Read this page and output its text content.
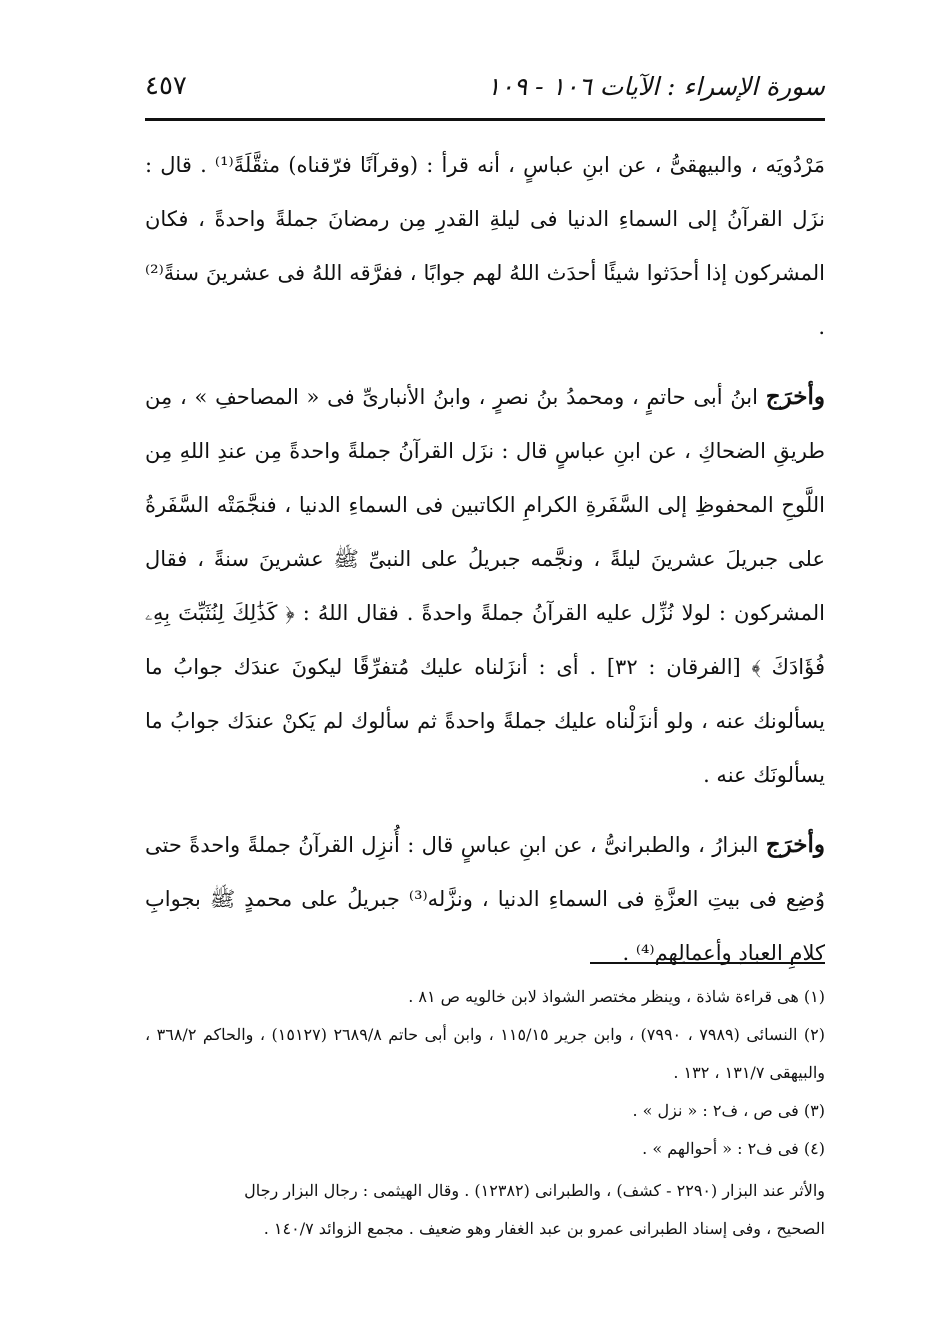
سورة الإسراء : الآيات ١٠٦ - ١٠٩
٤٥٧

مَرْدُويَه ، والبيهقىُّ ، عن ابنِ عباسٍ ، أنه قرأ : (وقرآنًا فرّقناه) مثقَّلَةً⁽¹⁾ . قال : نزَل القرآنُ إلى السماءِ الدنيا فى ليلةِ القدرِ مِن رمضانَ جملةً واحدةً ، فكان المشركون إذا أحدَثوا شيئًا أحدَث اللهُ لهم جوابًا ، ففرَّقه اللهُ فى عشرينَ سنةً⁽²⁾ .

وأخرَج ابنُ أبى حاتمٍ ، ومحمدُ بنُ نصرٍ ، وابنُ الأنبارىِّ فى « المصاحفِ » ، مِن طريقِ الضحاكِ ، عن ابنِ عباسٍ قال : نزَل القرآنُ جملةً واحدةً مِن عندِ اللهِ مِن اللَّوحِ المحفوظِ إلى السَّفَرةِ الكرامِ الكاتبين فى السماءِ الدنيا ، فنجَّمَتْه السَّفَرةُ على جبريلَ عشرينَ ليلةً ، ونجَّمه جبريلُ على النبىِّ ﷺ عشرينَ سنةً ، فقال المشركون : لولا نُزِّل عليه القرآنُ جملةً واحدةً . فقال اللهُ : ﴿ كَذَٰلِكَ لِنُثَبِّتَ بِهِۦ فُؤَادَكَ ﴾ [الفرقان : ٣٢] . أى : أنزَلناه عليك مُتفرِّقًا ليكونَ عندَك جوابُ ما يسألونك عنه ، ولو أنزَلْناه عليك جملةً واحدةً ثم سألوك لم يَكنْ عندَك جوابُ ما يسألونَك عنه .

وأخرَج البزارُ ، والطبرانىُّ ، عن ابنِ عباسٍ قال : أُنزِل القرآنُ جملةً واحدةً حتى وُضِع فى بيتِ العزَّةِ فى السماءِ الدنيا ، ونزَّله⁽³⁾ جبريلُ على محمدٍ ﷺ بجوابِ كلامِ العبادِ وأعمالِهم⁽⁴⁾ .

(١) هى قراءة شاذة ، وينظر مختصر الشواذ لابن خالويه ص ٨١ .

(٢) النسائى (٧٩٨٩ ، ٧٩٩٠) ، وابن جرير ١١٥/١٥ ، وابن أبى حاتم ٢٦٨٩/٨ (١٥١٢٧) ، والحاكم ٣٦٨/٢ ، والبيهقى ١٣١/٧ ، ١٣٢ .

(٣) فى ص ، ف٢ : « نزل » .

(٤) فى ف٢ : « أحوالهم » .

والأثر عند البزار (٢٢٩٠ - كشف) ، والطبرانى (١٢٣٨٢) . وقال الهيثمى : رجال البزار رجال

الصحيح ، وفى إسناد الطبرانى عمرو بن عبد الغفار وهو ضعيف . مجمع الزوائد ١٤٠/٧ .
